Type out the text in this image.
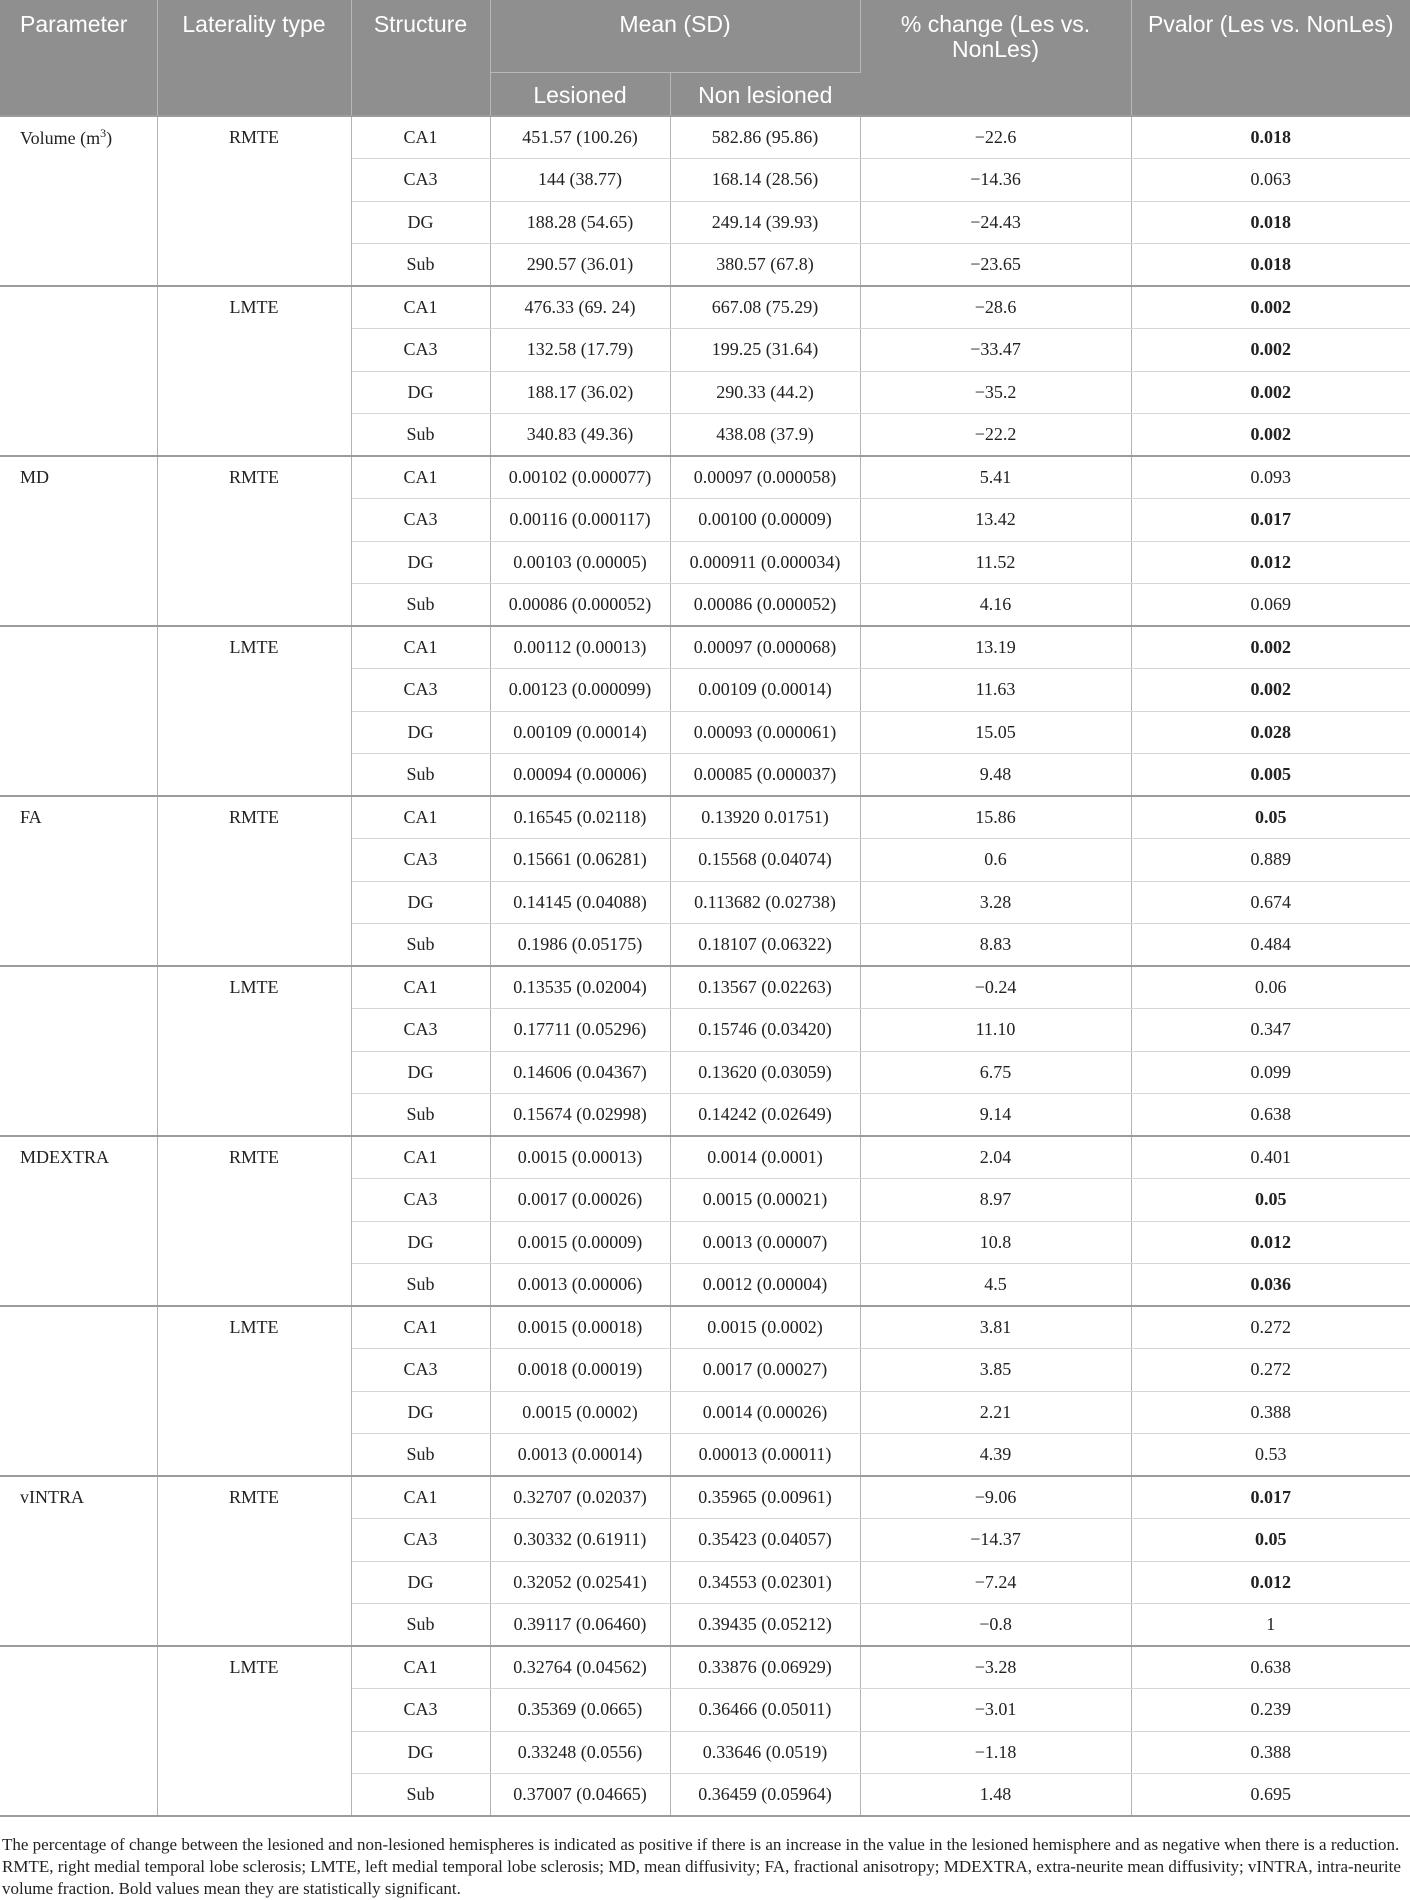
Parameter	Laterality type	Structure	Mean (SD)		% change (Les vs. NonLes)	Pvalor (Les vs. NonLes)
			Lesioned	Non lesioned		
Volume $(m^3)$	RMTE	CA1	451.57 (100.26)	582.86 (95.86)	−22.6	0.018
		CA3	144 (38.77)	168.14 (28.56)	−14.36	0.063
		DG	188.28 (54.65)	249.14 (39.93)	−24.43	0.018
		Sub	290.57 (36.01)	380.57 (67.8)	−23.65	0.018
	LMTE	CA1	476.33 (69. 24)	667.08 (75.29)	−28.6	0.002
		CA3	132.58 (17.79)	199.25 (31.64)	−33.47	0.002
		DG	188.17 (36.02)	290.33 (44.2)	−35.2	0.002
		Sub	340.83 (49.36)	438.08 (37.9)	−22.2	0.002
MD	RMTE	CA1	0.00102 (0.000077)	0.00097 (0.000058)	5.41	0.093
		CA3	0.00116 (0.000117)	0.00100 (0.00009)	13.42	0.017
		DG	0.00103 (0.00005)	0.000911 (0.000034)	11.52	0.012
		Sub	0.00086 (0.000052)	0.00086 (0.000052)	4.16	0.069
	LMTE	CA1	0.00112 (0.00013)	0.00097 (0.000068)	13.19	0.002
		CA3	0.00123 (0.000099)	0.00109 (0.00014)	11.63	0.002
		DG	0.00109 (0.00014)	0.00093 (0.000061)	15.05	0.028
		Sub	0.00094 (0.00006)	0.00085 (0.000037)	9.48	0.005
FA	RMTE	CA1	0.16545 (0.02118)	0.13920 0.01751)	15.86	0.05
		CA3	0.15661 (0.06281)	0.15568 (0.04074)	0.6	0.889
		DG	0.14145 (0.04088)	0.113682 (0.02738)	3.28	0.674
		Sub	0.1986 (0.05175)	0.18107 (0.06322)	8.83	0.484
	LMTE	CA1	0.13535 (0.02004)	0.13567 (0.02263)	−0.24	0.06
		CA3	0.17711 (0.05296)	0.15746 (0.03420)	11.10	0.347
		DG	0.14606 (0.04367)	0.13620 (0.03059)	6.75	0.099
		Sub	0.15674 (0.02998)	0.14242 (0.02649)	9.14	0.638
MDEXTRA	RMTE	CA1	0.0015 (0.00013)	0.0014 (0.0001)	2.04	0.401
		CA3	0.0017 (0.00026)	0.0015 (0.00021)	8.97	0.05
		DG	0.0015 (0.00009)	0.0013 (0.00007)	10.8	0.012
		Sub	0.0013 (0.00006)	0.0012 (0.00004)	4.5	0.036
	LMTE	CA1	0.0015 (0.00018)	0.0015 (0.0002)	3.81	0.272
		CA3	0.0018 (0.00019)	0.0017 (0.00027)	3.85	0.272
		DG	0.0015 (0.0002)	0.0014 (0.00026)	2.21	0.388
		Sub	0.0013 (0.00014)	0.00013 (0.00011)	4.39	0.53
vINTRA	RMTE	CA1	0.32707 (0.02037)	0.35965 (0.00961)	−9.06	0.017
		CA3	0.30332 (0.61911)	0.35423 (0.04057)	−14.37	0.05
		DG	0.32052 (0.02541)	0.34553 (0.02301)	−7.24	0.012
		Sub	0.39117 (0.06460)	0.39435 (0.05212)	−0.8	1
	LMTE	CA1	0.32764 (0.04562)	0.33876 (0.06929)	−3.28	0.638
		CA3	0.35369 (0.0665)	0.36466 (0.05011)	−3.01	0.239
		DG	0.33248 (0.0556)	0.33646 (0.0519)	−1.18	0.388
		Sub	0.37007 (0.04665)	0.36459 (0.05964)	1.48	0.695
The percentage of change between the lesioned and non-lesioned hemispheres is indicated as positive if there is an increase in the value in the lesioned hemisphere and as negative when there is a reduction. RMTE, right medial temporal lobe sclerosis; LMTE, left medial temporal lobe sclerosis; MD, mean diffusivity; FA, fractional anisotropy; MDEXTRA, extra-neurite mean diffusivity; vINTRA, intra-neurite volume fraction. Bold values mean they are statistically significant.
